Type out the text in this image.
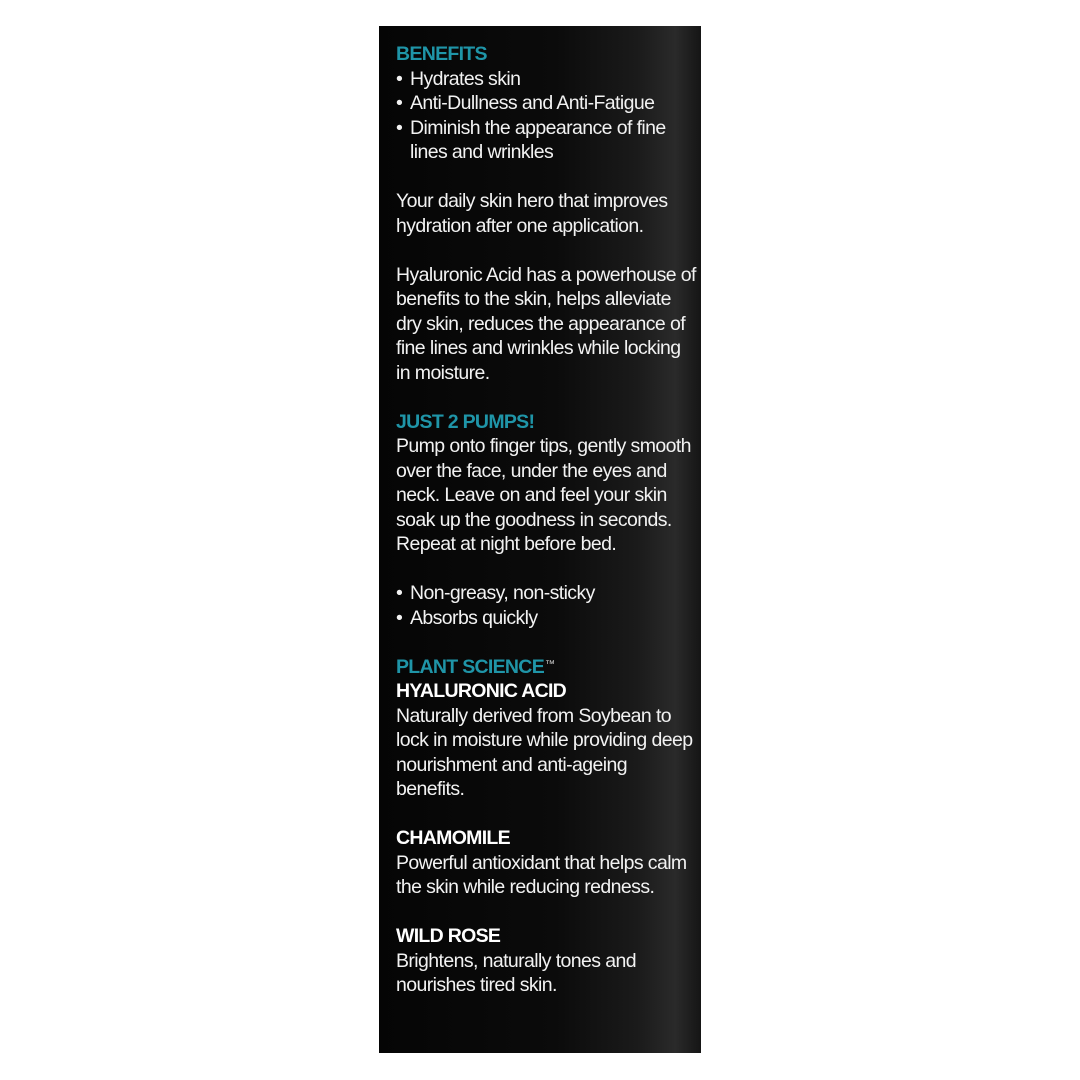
BENEFITS
• Hydrates skin
• Anti-Dullness and Anti-Fatigue
• Diminish the appearance of fine lines and wrinkles

Your daily skin hero that improves hydration after one application.

Hyaluronic Acid has a powerhouse of benefits to the skin, helps alleviate dry skin, reduces the appearance of fine lines and wrinkles while locking in moisture.

JUST 2 PUMPS!

Pump onto finger tips, gently smooth over the face, under the eyes and neck. Leave on and feel your skin soak up the goodness in seconds. Repeat at night before bed.

• Non-greasy, non-sticky
• Absorbs quickly
PLANT SCIENCE™
HYALURONIC ACID

Naturally derived from Soybean to lock in moisture while providing deep nourishment and anti-ageing benefits.

CHAMOMILE

Powerful antioxidant that helps calm the skin while reducing redness.

WILD ROSE

Brightens, naturally tones and nourishes tired skin.
